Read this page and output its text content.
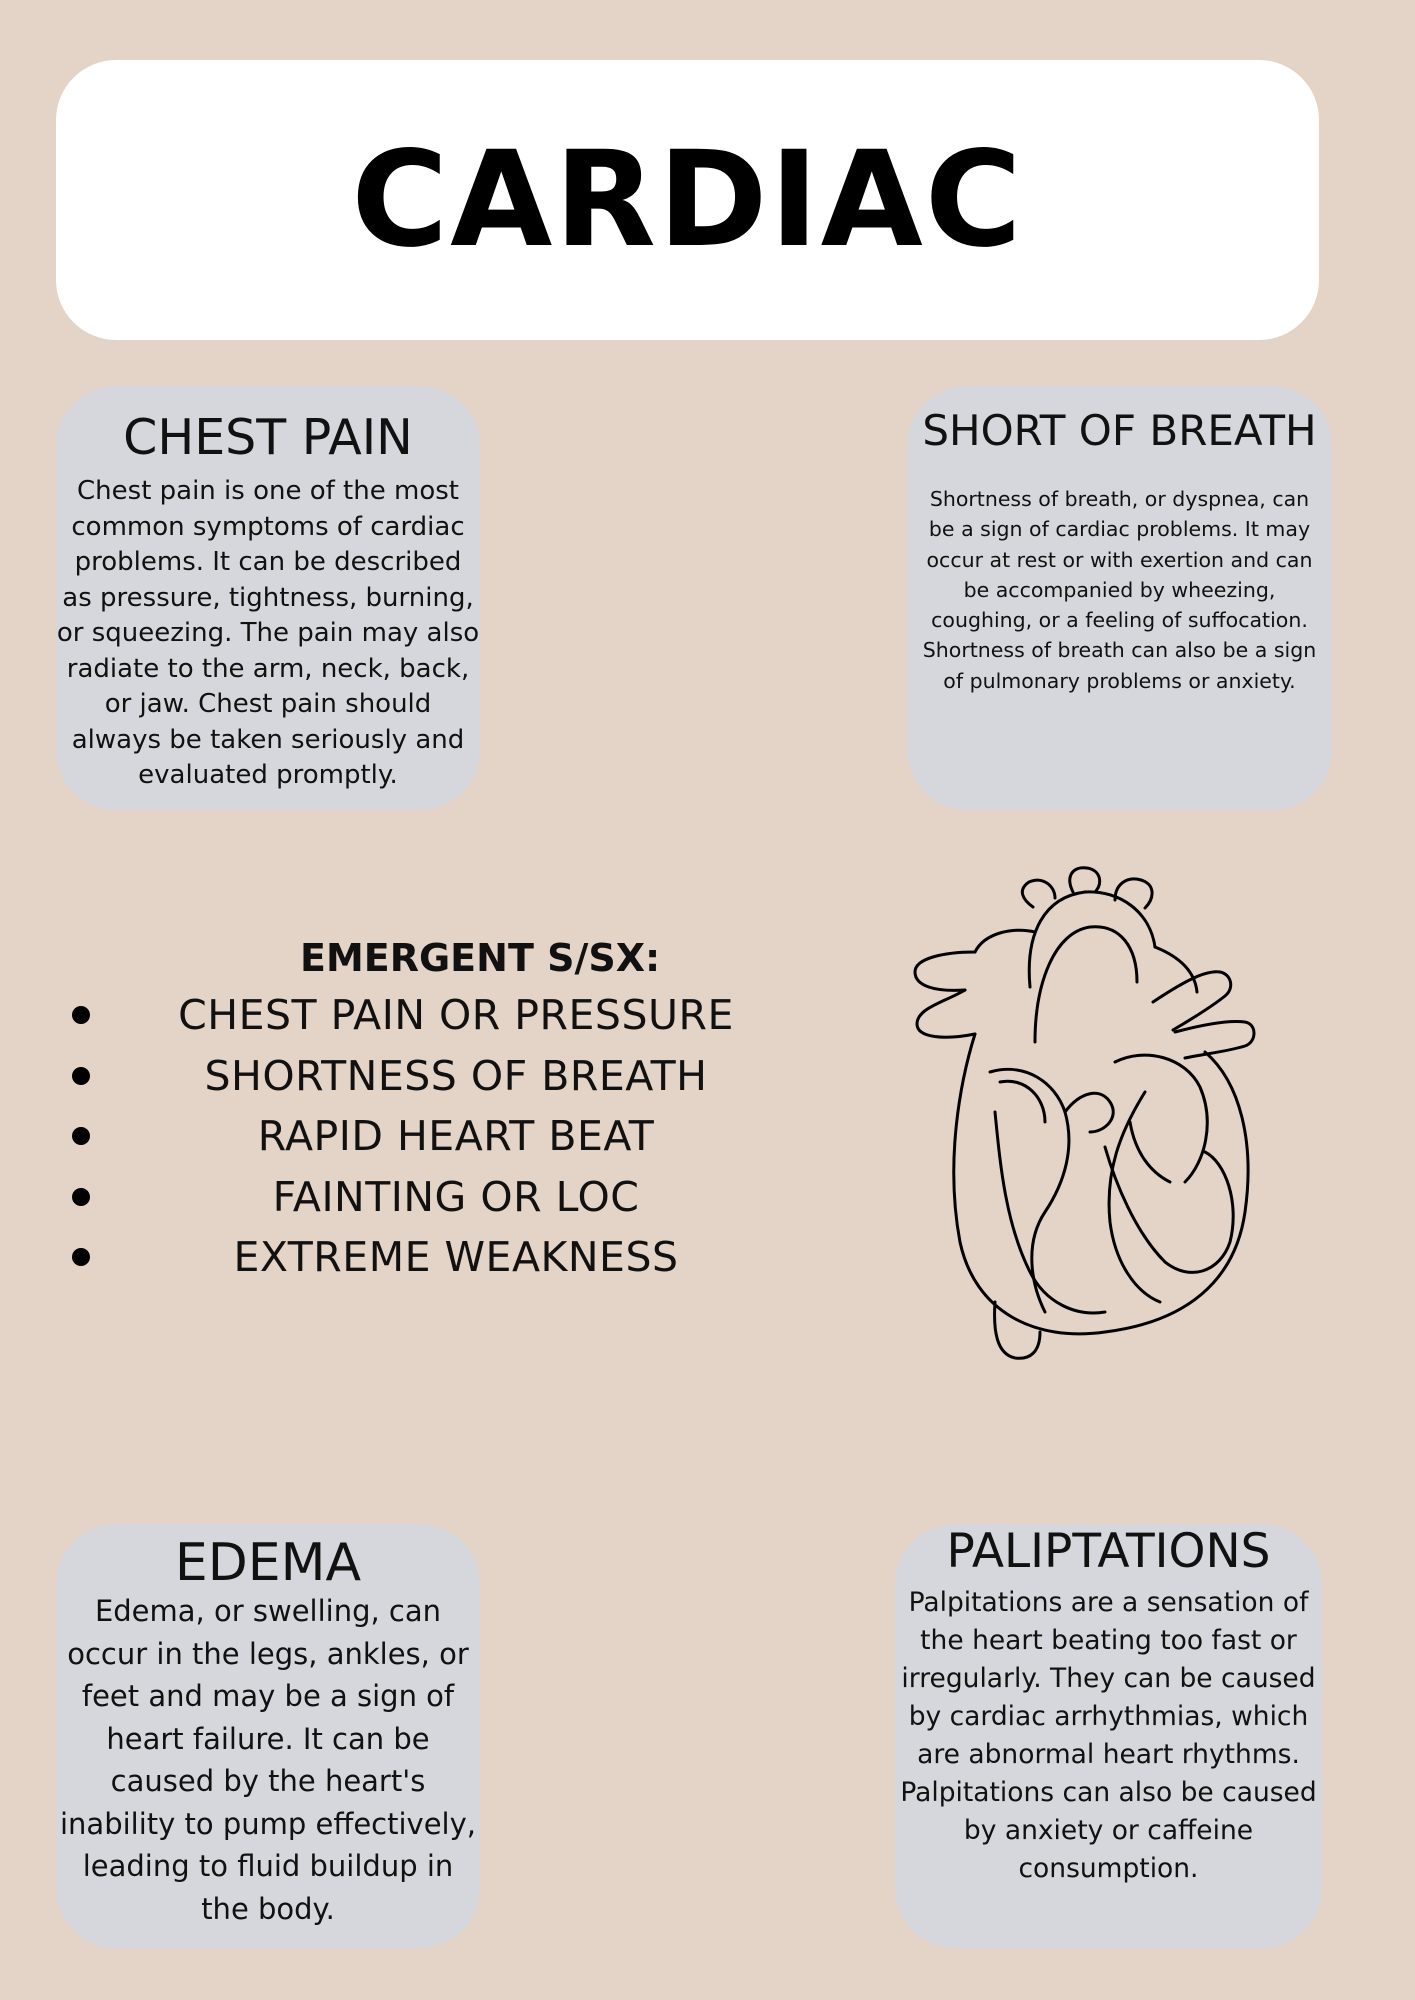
CARDIAC
CHEST PAIN

Chest pain is one of the most common symptoms of cardiac problems. It can be described as pressure, tightness, burning, or squeezing. The pain may also radiate to the arm, neck, back, or jaw. Chest pain should always be taken seriously and evaluated promptly.

SHORT OF BREATH

Shortness of breath, or dyspnea, can be a sign of cardiac problems. It may occur at rest or with exertion and can be accompanied by wheezing, coughing, or a feeling of suffocation. Shortness of breath can also be a sign of pulmonary problems or anxiety.

EMERGENT S/SX:
CHEST PAIN OR PRESSURE
SHORTNESS OF BREATH
RAPID HEART BEAT
FAINTING OR LOC
EXTREME WEAKNESS
EDEMA

Edema, or swelling, can occur in the legs, ankles, or feet and may be a sign of heart failure. It can be caused by the heart's inability to pump effectively, leading to fluid buildup in the body.

PALIPTATIONS

Palpitations are a sensation of the heart beating too fast or irregularly. They can be caused by cardiac arrhythmias, which are abnormal heart rhythms. Palpitations can also be caused by anxiety or caffeine consumption.
